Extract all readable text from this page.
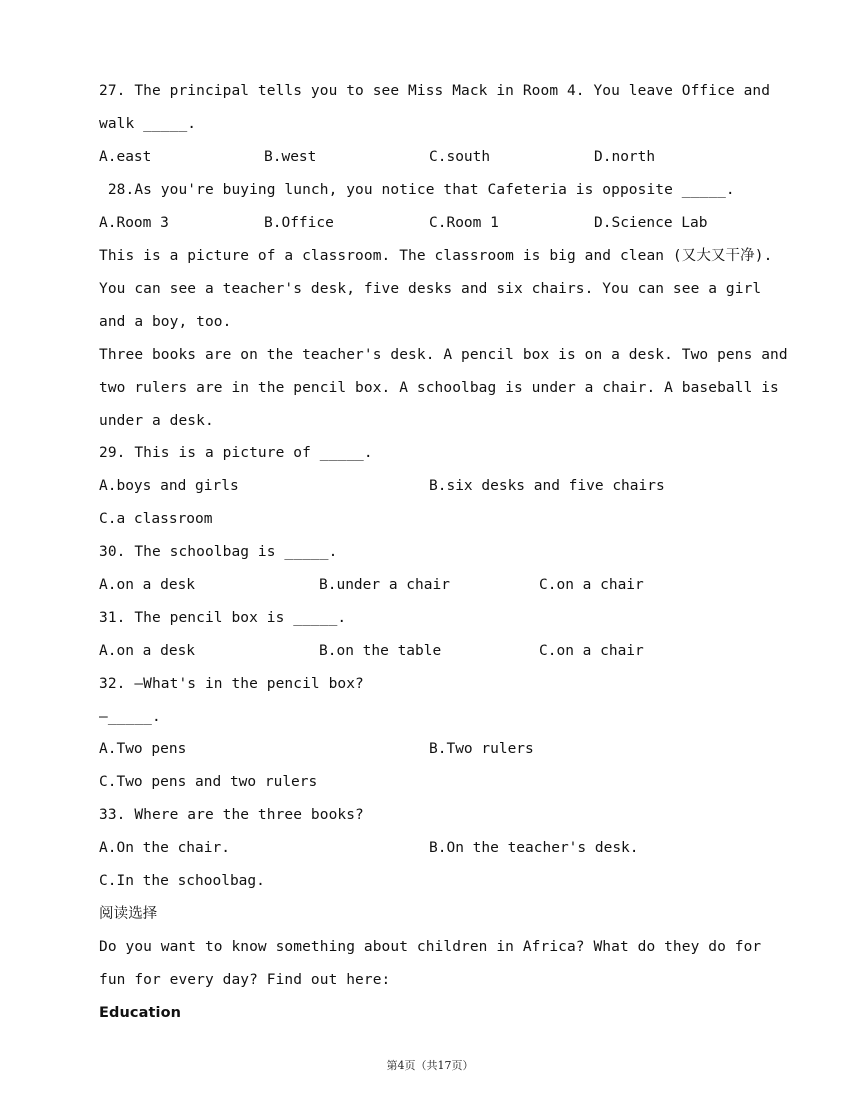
27. The principal tells you to see Miss Mack in Room 4. You leave Office and
walk _____.
A.east	B.west	C.south	D.north
28.As you're buying lunch, you notice that Cafeteria is opposite _____.
A.Room 3	B.Office	C.Room 1	D.Science Lab
This is a picture of a classroom. The classroom is big and clean (又大又干净).
You can see a teacher's desk, five desks and six chairs. You can see a girl
and a boy, too.
Three books are on the teacher's desk. A pencil box is on a desk. Two pens and
two rulers are in the pencil box. A schoolbag is under a chair. A baseball is
under a desk.
29. This is a picture of _____.
A.boys and girls	B.six desks and five chairs
C.a classroom
30. The schoolbag is _____.
A.on a desk	B.under a chair	C.on a chair
31. The pencil box is _____.
A.on a desk	B.on the table	C.on a chair
32. —What's in the pencil box?
—_____.
A.Two pens	B.Two rulers
C.Two pens and two rulers
33. Where are the three books?
A.On the chair.	B.On the teacher's desk.
C.In the schoolbag.
阅读选择
Do you want to know something about children in Africa? What do they do for
fun for every day? Find out here:
Education
第4页（共17页）
